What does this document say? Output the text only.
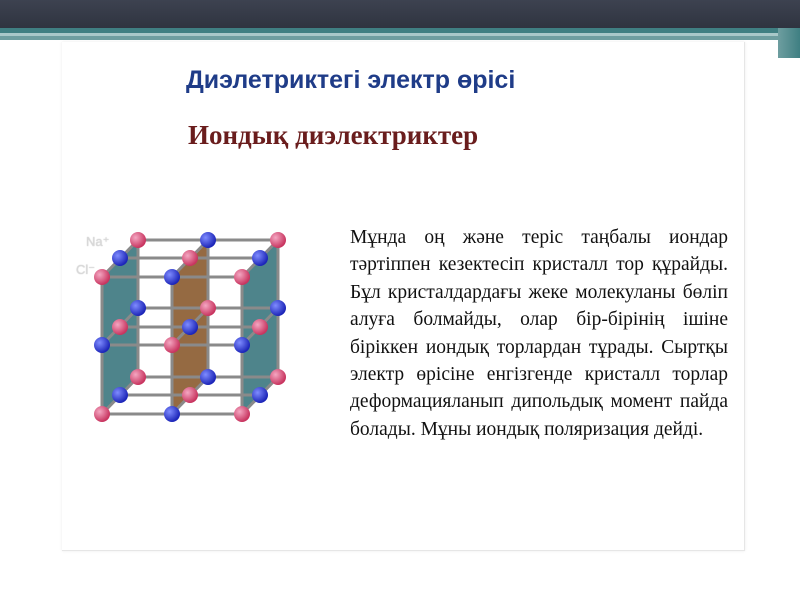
Диэлетриктегі электр өрісі
Иондық диэлектриктер

Мұнда оң және теріс таңбалы иондар тәртіппен кезектесіп кристалл тор құрайды. Бұл кристалдардағы жеке молекуланы бөліп алуға болмайды, олар бір-бірінің ішіне біріккен иондық торлардан тұрады. Сыртқы электр өрісіне енгізгенде кристалл торлар деформацияланып дипольдық момент пайда болады. Мұны иондық поляризация дейді.

Na⁺
Cl⁻
